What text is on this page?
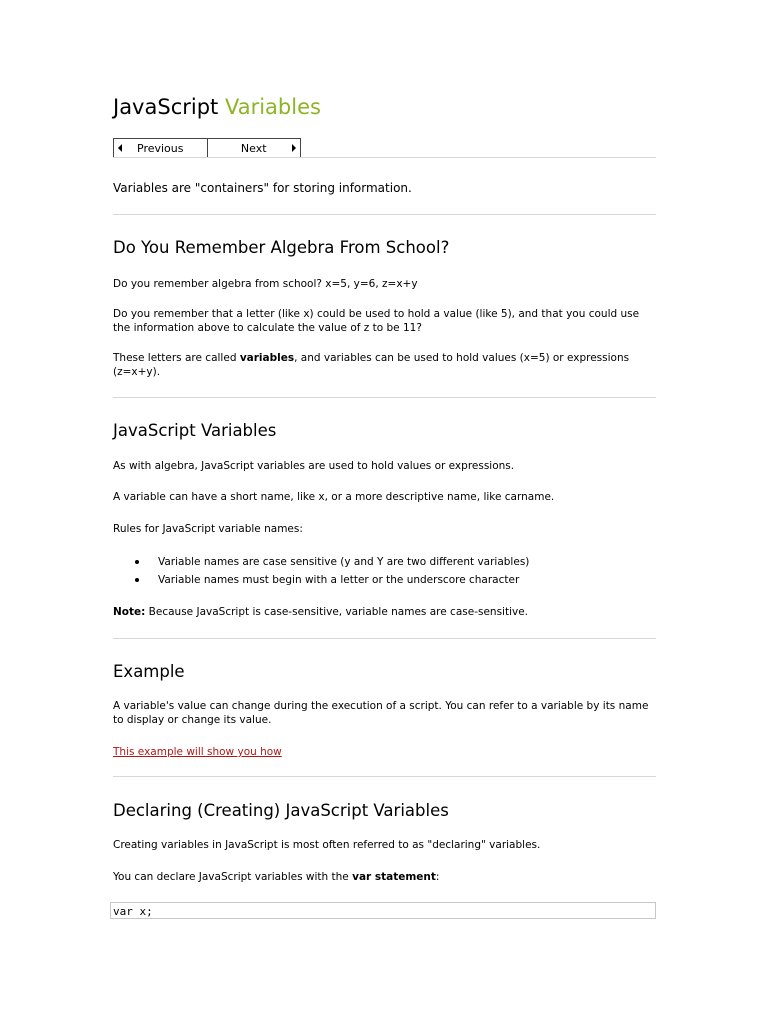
JavaScript Variables
Previous	Next

Variables are "containers" for storing information.

Do You Remember Algebra From School?

Do you remember algebra from school? x=5, y=6, z=x+y

Do you remember that a letter (like x) could be used to hold a value (like 5), and that you could use the information above to calculate the value of z to be 11?

These letters are called variables, and variables can be used to hold values (x=5) or expressions (z=x+y).

JavaScript Variables

As with algebra, JavaScript variables are used to hold values or expressions.

A variable can have a short name, like x, or a more descriptive name, like carname.

Rules for JavaScript variable names:

Variable names are case sensitive (y and Y are two different variables)
Variable names must begin with a letter or the underscore character

Note: Because JavaScript is case-sensitive, variable names are case-sensitive.

Example

A variable's value can change during the execution of a script. You can refer to a variable by its name to display or change its value.

This example will show you how

Declaring (Creating) JavaScript Variables

Creating variables in JavaScript is most often referred to as "declaring" variables.

You can declare JavaScript variables with the var statement:

var x;
